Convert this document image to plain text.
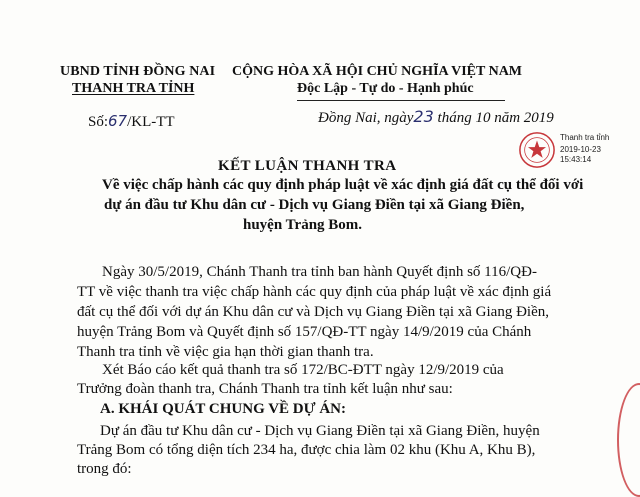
UBND TỈNH ĐỒNG NAI
THANH TRA TỈNH
CỘNG HÒA XÃ HỘI CHỦ NGHĨA VIỆT NAM
Độc Lập - Tự do - Hạnh phúc
Số:67/KL-TT	Đồng Nai, ngày23 tháng 10 năm 2019
Thanh tra tỉnh
2019-10-23
15:43:14
KẾT LUẬN THANH TRA
Về việc chấp hành các quy định pháp luật về xác định giá đất cụ thể đối với
dự án đầu tư Khu dân cư - Dịch vụ Giang Điền tại xã Giang Điền,
huyện Trảng Bom.
Ngày 30/5/2019, Chánh Thanh tra tỉnh ban hành Quyết định số 116/QĐ-
TT về việc thanh tra việc chấp hành các quy định của pháp luật về xác định giá
đất cụ thể đối với dự án Khu dân cư và Dịch vụ Giang Điền tại xã Giang Điền,
huyện Trảng Bom và Quyết định số 157/QĐ-TT ngày 14/9/2019 của Chánh
Thanh tra tỉnh về việc gia hạn thời gian thanh tra.
Xét Báo cáo kết quả thanh tra số 172/BC-ĐTT ngày 12/9/2019 của
Trưởng đoàn thanh tra, Chánh Thanh tra tỉnh kết luận như sau:
A. KHÁI QUÁT CHUNG VỀ DỰ ÁN:
Dự án đầu tư Khu dân cư - Dịch vụ Giang Điền tại xã Giang Điền, huyện
Trảng Bom có tổng diện tích 234 ha, được chia làm 02 khu (Khu A, Khu B),
trong đó:
